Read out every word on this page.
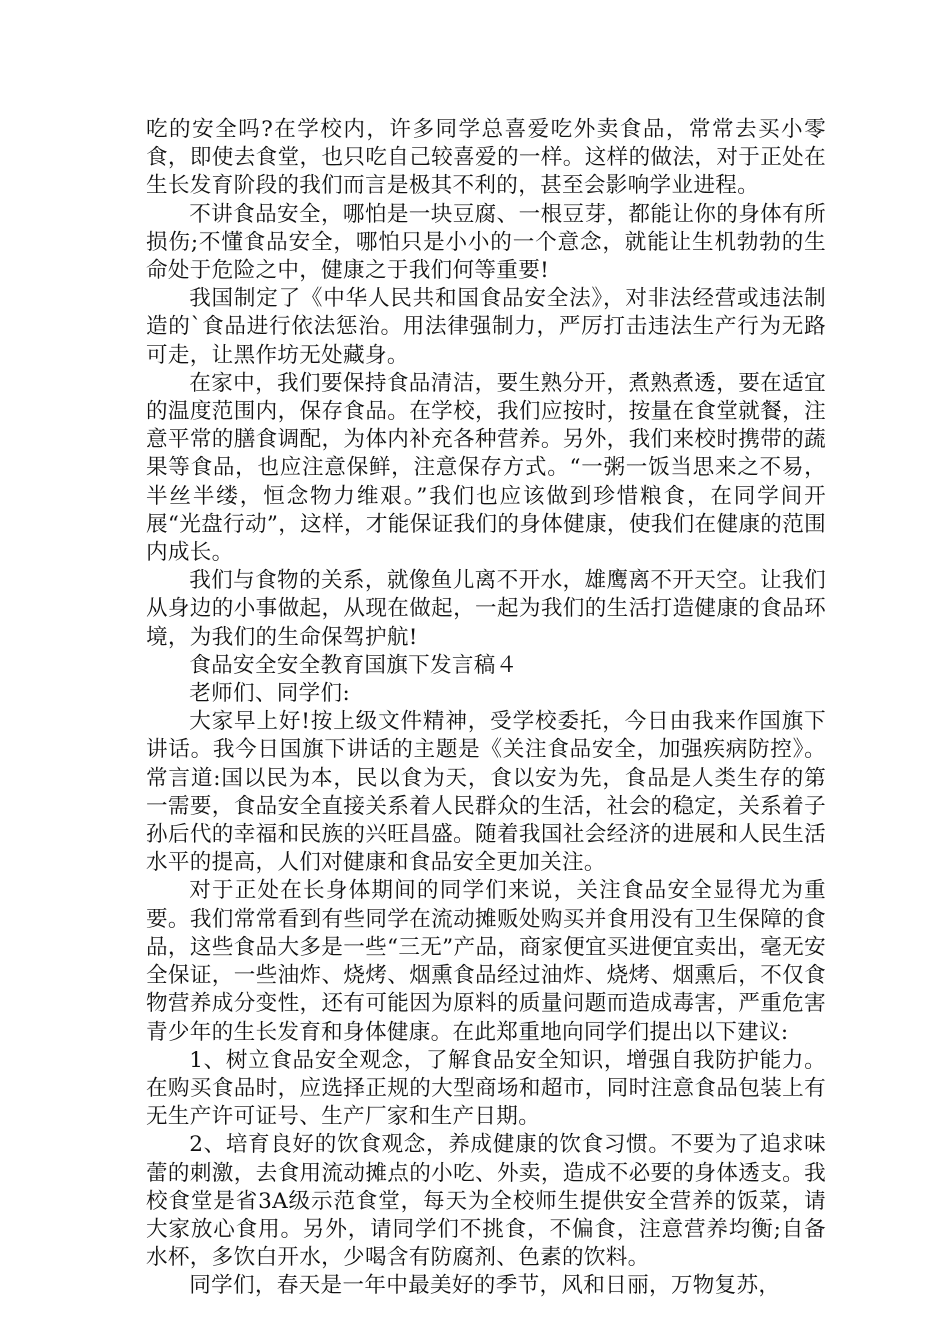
吃的安全吗?在学校内，许多同学总喜爱吃外卖食品，常常去买小零食，即使去食堂，也只吃自己较喜爱的一样。这样的做法，对于正处在生长发育阶段的我们而言是极其不利的，甚至会影响学业进程。

不讲食品安全，哪怕是一块豆腐、一根豆芽，都能让你的身体有所损伤;不懂食品安全，哪怕只是小小的一个意念，就能让生机勃勃的生命处于危险之中，健康之于我们何等重要!

我国制定了《中华人民共和国食品安全法》，对非法经营或违法制造的`食品进行依法惩治。用法律强制力，严厉打击违法生产行为无路可走，让黑作坊无处藏身。

在家中，我们要保持食品清洁，要生熟分开，煮熟煮透，要在适宜的温度范围内，保存食品。在学校，我们应按时，按量在食堂就餐，注意平常的膳食调配，为体内补充各种营养。另外，我们来校时携带的蔬果等食品，也应注意保鲜，注意保存方式。“一粥一饭当思来之不易，半丝半缕，恒念物力维艰。”我们也应该做到珍惜粮食，在同学间开展“光盘行动”，这样，才能保证我们的身体健康，使我们在健康的范围内成长。

我们与食物的关系，就像鱼儿离不开水，雄鹰离不开天空。让我们从身边的小事做起，从现在做起，一起为我们的生活打造健康的食品环境，为我们的生命保驾护航!

食品安全安全教育国旗下发言稿４

老师们、同学们:

大家早上好!按上级文件精神，受学校委托，今日由我来作国旗下讲话。我今日国旗下讲话的主题是《关注食品安全，加强疾病防控》。常言道:国以民为本，民以食为天，食以安为先，食品是人类生存的第一需要，食品安全直接关系着人民群众的生活，社会的稳定，关系着子孙后代的幸福和民族的兴旺昌盛。随着我国社会经济的进展和人民生活水平的提高，人们对健康和食品安全更加关注。

对于正处在长身体期间的同学们来说，关注食品安全显得尤为重要。我们常常看到有些同学在流动摊贩处购买并食用没有卫生保障的食品，这些食品大多是一些“三无”产品，商家便宜买进便宜卖出，毫无安全保证，一些油炸、烧烤、烟熏食品经过油炸、烧烤、烟熏后，不仅食物营养成分变性，还有可能因为原料的质量问题而造成毒害，严重危害青少年的生长发育和身体健康。在此郑重地向同学们提出以下建议:

1、树立食品安全观念，了解食品安全知识，增强自我防护能力。在购买食品时，应选择正规的大型商场和超市，同时注意食品包装上有无生产许可证号、生产厂家和生产日期。

2、培育良好的饮食观念，养成健康的饮食习惯。不要为了追求味蕾的刺激，去食用流动摊点的小吃、外卖，造成不必要的身体透支。我校食堂是省3A级示范食堂，每天为全校师生提供安全营养的饭菜，请大家放心食用。另外，请同学们不挑食，不偏食，注意营养均衡;自备水杯，多饮白开水，少喝含有防腐剂、色素的饮料。

同学们，春天是一年中最美好的季节，风和日丽，万物复苏，
